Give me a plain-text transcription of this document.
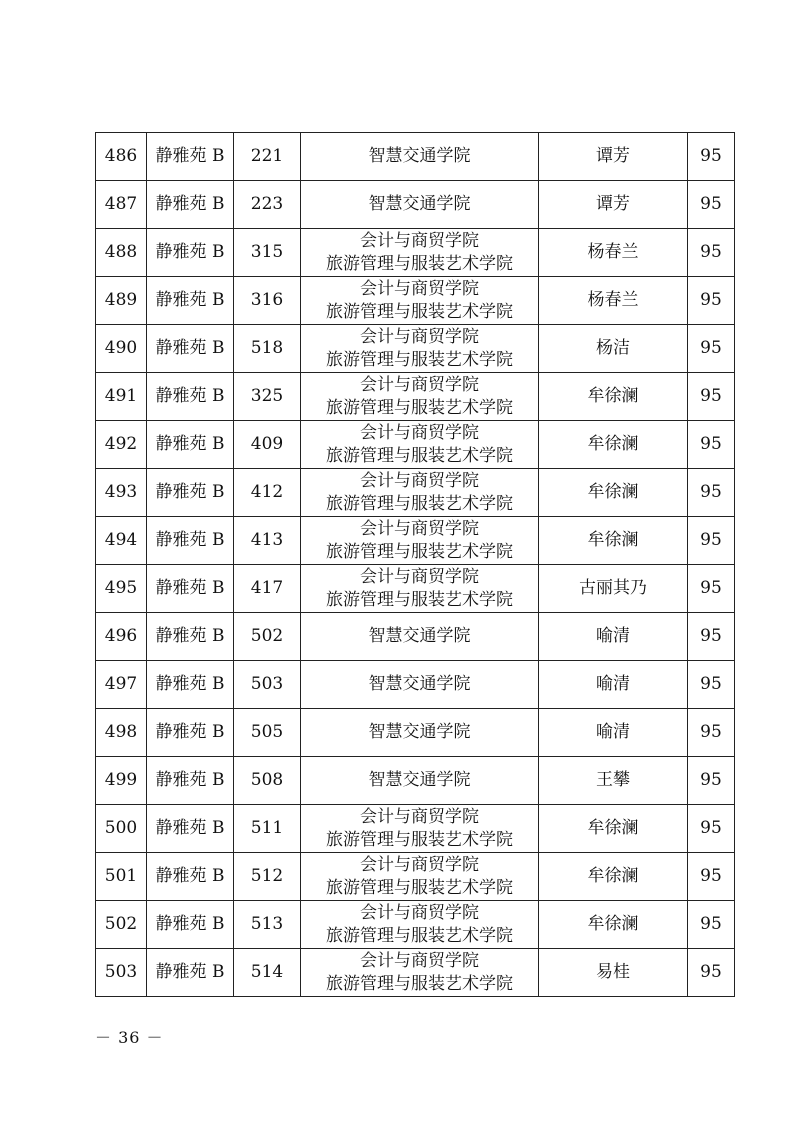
486	静雅苑 B	221	智慧交通学院	谭芳	95
487	静雅苑 B	223	智慧交通学院	谭芳	95
488	静雅苑 B	315	会计与商贸学院
旅游管理与服装艺术学院	杨春兰	95
489	静雅苑 B	316	会计与商贸学院
旅游管理与服装艺术学院	杨春兰	95
490	静雅苑 B	518	会计与商贸学院
旅游管理与服装艺术学院	杨洁	95
491	静雅苑 B	325	会计与商贸学院
旅游管理与服装艺术学院	牟徐澜	95
492	静雅苑 B	409	会计与商贸学院
旅游管理与服装艺术学院	牟徐澜	95
493	静雅苑 B	412	会计与商贸学院
旅游管理与服装艺术学院	牟徐澜	95
494	静雅苑 B	413	会计与商贸学院
旅游管理与服装艺术学院	牟徐澜	95
495	静雅苑 B	417	会计与商贸学院
旅游管理与服装艺术学院	古丽其乃	95
496	静雅苑 B	502	智慧交通学院	喻清	95
497	静雅苑 B	503	智慧交通学院	喻清	95
498	静雅苑 B	505	智慧交通学院	喻清	95
499	静雅苑 B	508	智慧交通学院	王攀	95
500	静雅苑 B	511	会计与商贸学院
旅游管理与服装艺术学院	牟徐澜	95
501	静雅苑 B	512	会计与商贸学院
旅游管理与服装艺术学院	牟徐澜	95
502	静雅苑 B	513	会计与商贸学院
旅游管理与服装艺术学院	牟徐澜	95
503	静雅苑 B	514	会计与商贸学院
旅游管理与服装艺术学院	易桂	95
－ 36 －
